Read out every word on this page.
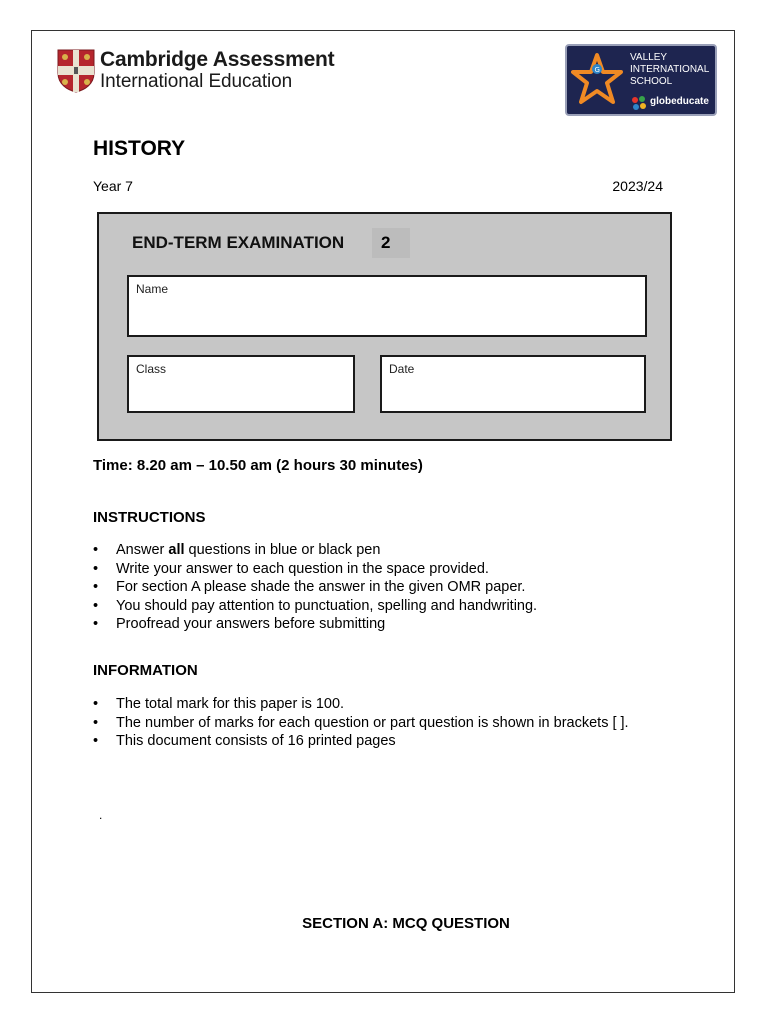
Cambridge Assessment
International Education
G
VALLEY
INTERNATIONAL
SCHOOL
globeducate
HISTORY
Year 7	2023/24
2
END-TERM EXAMINATION
Name
Class	Date
Time: 8.20 am – 10.50 am (2 hours 30 minutes)
INSTRUCTIONS
• Answer all questions in blue or black pen
• Write your answer to each question in the space provided.
• For section A please shade the answer in the given OMR paper.
• You should pay attention to punctuation, spelling and handwriting.
• Proofread your answers before submitting
INFORMATION
• The total mark for this paper is 100.
• The number of marks for each question or part question is shown in brackets [ ].
• This document consists of 16 printed pages
.
SECTION A: MCQ QUESTION
